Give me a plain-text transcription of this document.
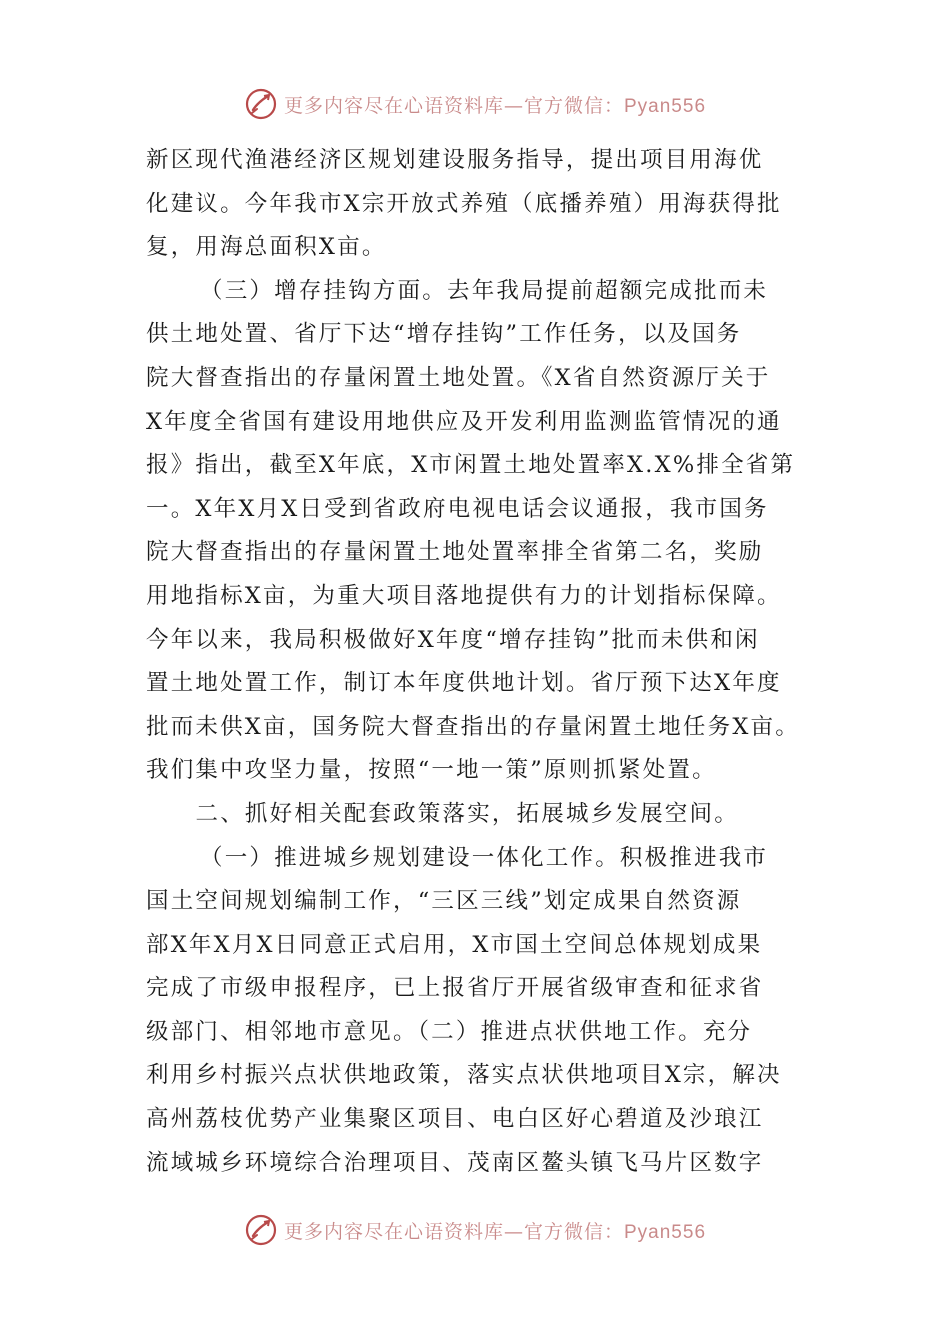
更多内容尽在心语资料库—官方微信：Pyan556

新区现代渔港经济区规划建设服务指导，提出项目用海优
化建议。今年我市X宗开放式养殖（底播养殖）用海获得批
复，用海总面积X亩。

（三）增存挂钩方面。去年我局提前超额完成批而未
供土地处置、省厅下达“增存挂钩”工作任务，以及国务
院大督查指出的存量闲置土地处置。《X省自然资源厅关于
X年度全省国有建设用地供应及开发利用监测监管情况的通
报》指出，截至X年底，X市闲置土地处置率X.X%排全省第
一。X年X月X日受到省政府电视电话会议通报，我市国务
院大督查指出的存量闲置土地处置率排全省第二名，奖励
用地指标X亩，为重大项目落地提供有力的计划指标保障。
今年以来，我局积极做好X年度“增存挂钩”批而未供和闲
置土地处置工作，制订本年度供地计划。省厅预下达X年度
批而未供X亩，国务院大督查指出的存量闲置土地任务X亩。
我们集中攻坚力量，按照“一地一策”原则抓紧处置。

二、抓好相关配套政策落实，拓展城乡发展空间。

（一）推进城乡规划建设一体化工作。积极推进我市
国土空间规划编制工作，“三区三线”划定成果自然资源
部X年X月X日同意正式启用，X市国土空间总体规划成果
完成了市级申报程序，已上报省厅开展省级审查和征求省
级部门、相邻地市意见。（二）推进点状供地工作。充分
利用乡村振兴点状供地政策，落实点状供地项目X宗，解决
高州荔枝优势产业集聚区项目、电白区好心碧道及沙琅江
流域城乡环境综合治理项目、茂南区鳌头镇飞马片区数字

更多内容尽在心语资料库—官方微信：Pyan556
